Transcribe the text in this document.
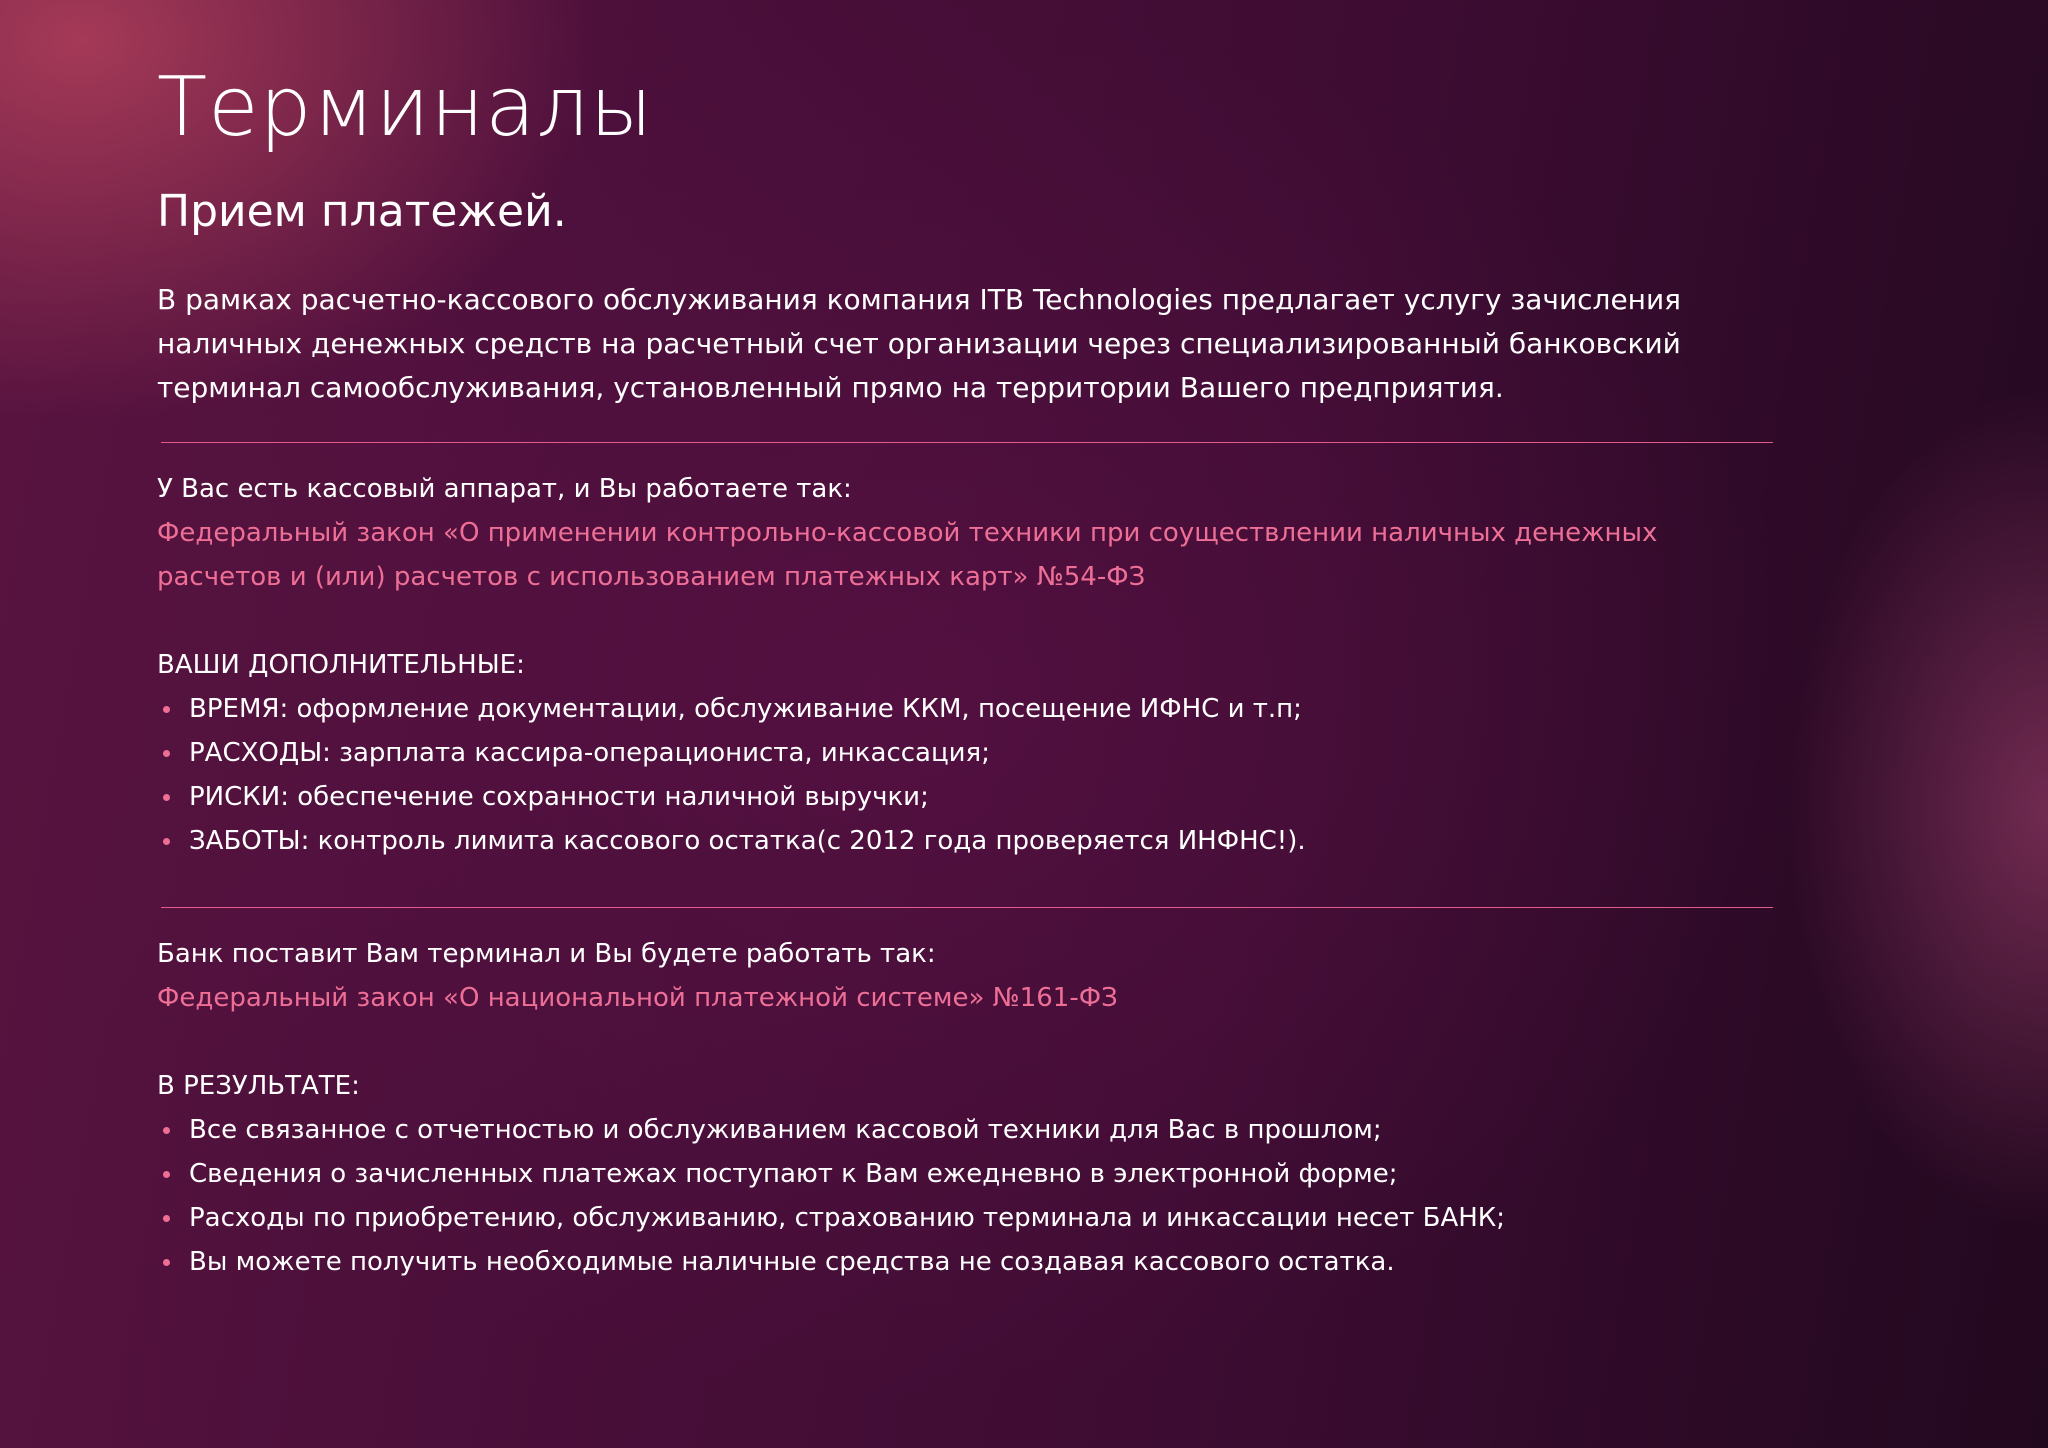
Терминалы
Прием платежей.

В рамках расчетно-кассового обслуживания компания ITB Technologies предлагает услугу зачисления наличных денежных средств на расчетный счет организации через специализированный банковский терминал самообслуживания, установленный прямо на территории Вашего предприятия.

У Вас есть кассовый аппарат, и Вы работаете так:

Федеральный закон «О применении контрольно-кассовой техники при соуществлении наличных денежных расчетов и (или) расчетов с использованием платежных карт» №54-ФЗ

ВАШИ ДОПОЛНИТЕЛЬНЫЕ:

ВРЕМЯ: оформление документации, обслуживание ККМ, посещение ИФНС и т.п;
РАСХОДЫ: зарплата кассира-операциониста, инкассация;
РИСКИ: обеспечение сохранности наличной выручки;
ЗАБОТЫ: контроль лимита кассового остатка(с 2012 года проверяется ИНФНС!).

Банк поставит Вам терминал и Вы будете работать так:

Федеральный закон «О национальной платежной системе» №161-ФЗ

В РЕЗУЛЬТАТЕ:

Все связанное с отчетностью и обслуживанием кассовой техники для Вас в прошлом;
Сведения о зачисленных платежах поступают к Вам ежедневно в электронной форме;
Расходы по приобретению, обслуживанию, страхованию терминала и инкассации несет БАНК;
Вы можете получить необходимые наличные средства не создавая кассового остатка.
